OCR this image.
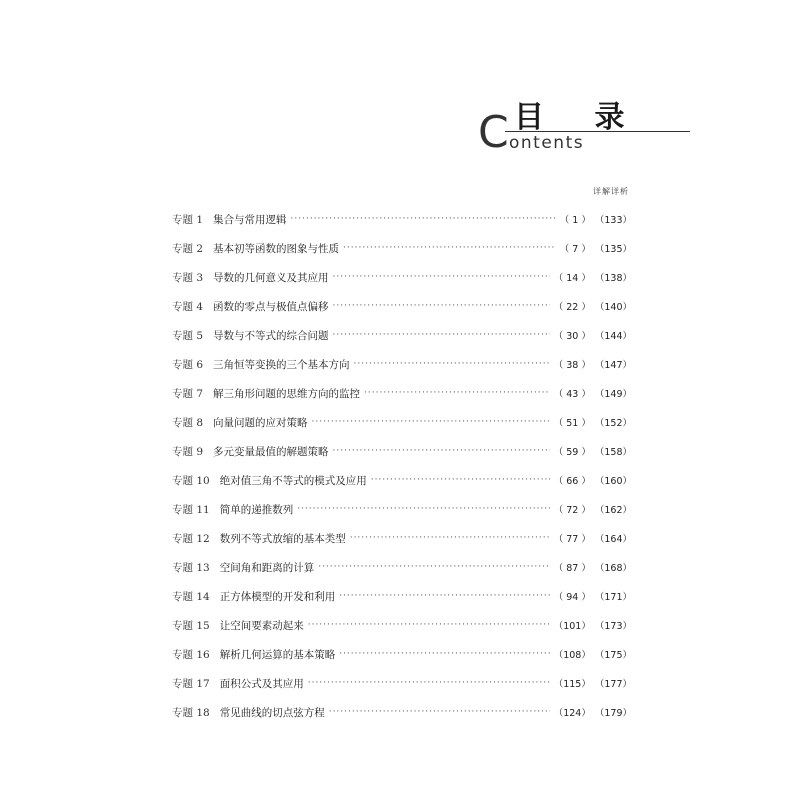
目 录
C ontents
详解详析
专题 1 集合与常用逻辑 ·····	（ 1 ） （133）
专题 2 基本初等函数的图象与性质 ·····	（ 7 ） （135）
专题 3 导数的几何意义及其应用 ·····	（ 14 ） （138）
专题 4 函数的零点与极值点偏移 ·····	（ 22 ） （140）
专题 5 导数与不等式的综合问题 ·····	（ 30 ） （144）
专题 6 三角恒等变换的三个基本方向 ·····	（ 38 ） （147）
专题 7 解三角形问题的思维方向的监控 ·····	（ 43 ） （149）
专题 8 向量问题的应对策略 ·····	（ 51 ） （152）
专题 9 多元变量最值的解题策略 ·····	（ 59 ） （158）
专题 10 绝对值三角不等式的模式及应用 ·····	（ 66 ） （160）
专题 11 简单的递推数列 ·····	（ 72 ） （162）
专题 12 数列不等式放缩的基本类型 ·····	（ 77 ） （164）
专题 13 空间角和距离的计算 ·····	（ 87 ） （168）
专题 14 正方体模型的开发和利用 ·····	（ 94 ） （171）
专题 15 让空间要素动起来 ·····	（101） （173）
专题 16 解析几何运算的基本策略 ·····	（108） （175）
专题 17 面积公式及其应用 ·····	（115） （177）
专题 18 常见曲线的切点弦方程 ·····	（124） （179）
